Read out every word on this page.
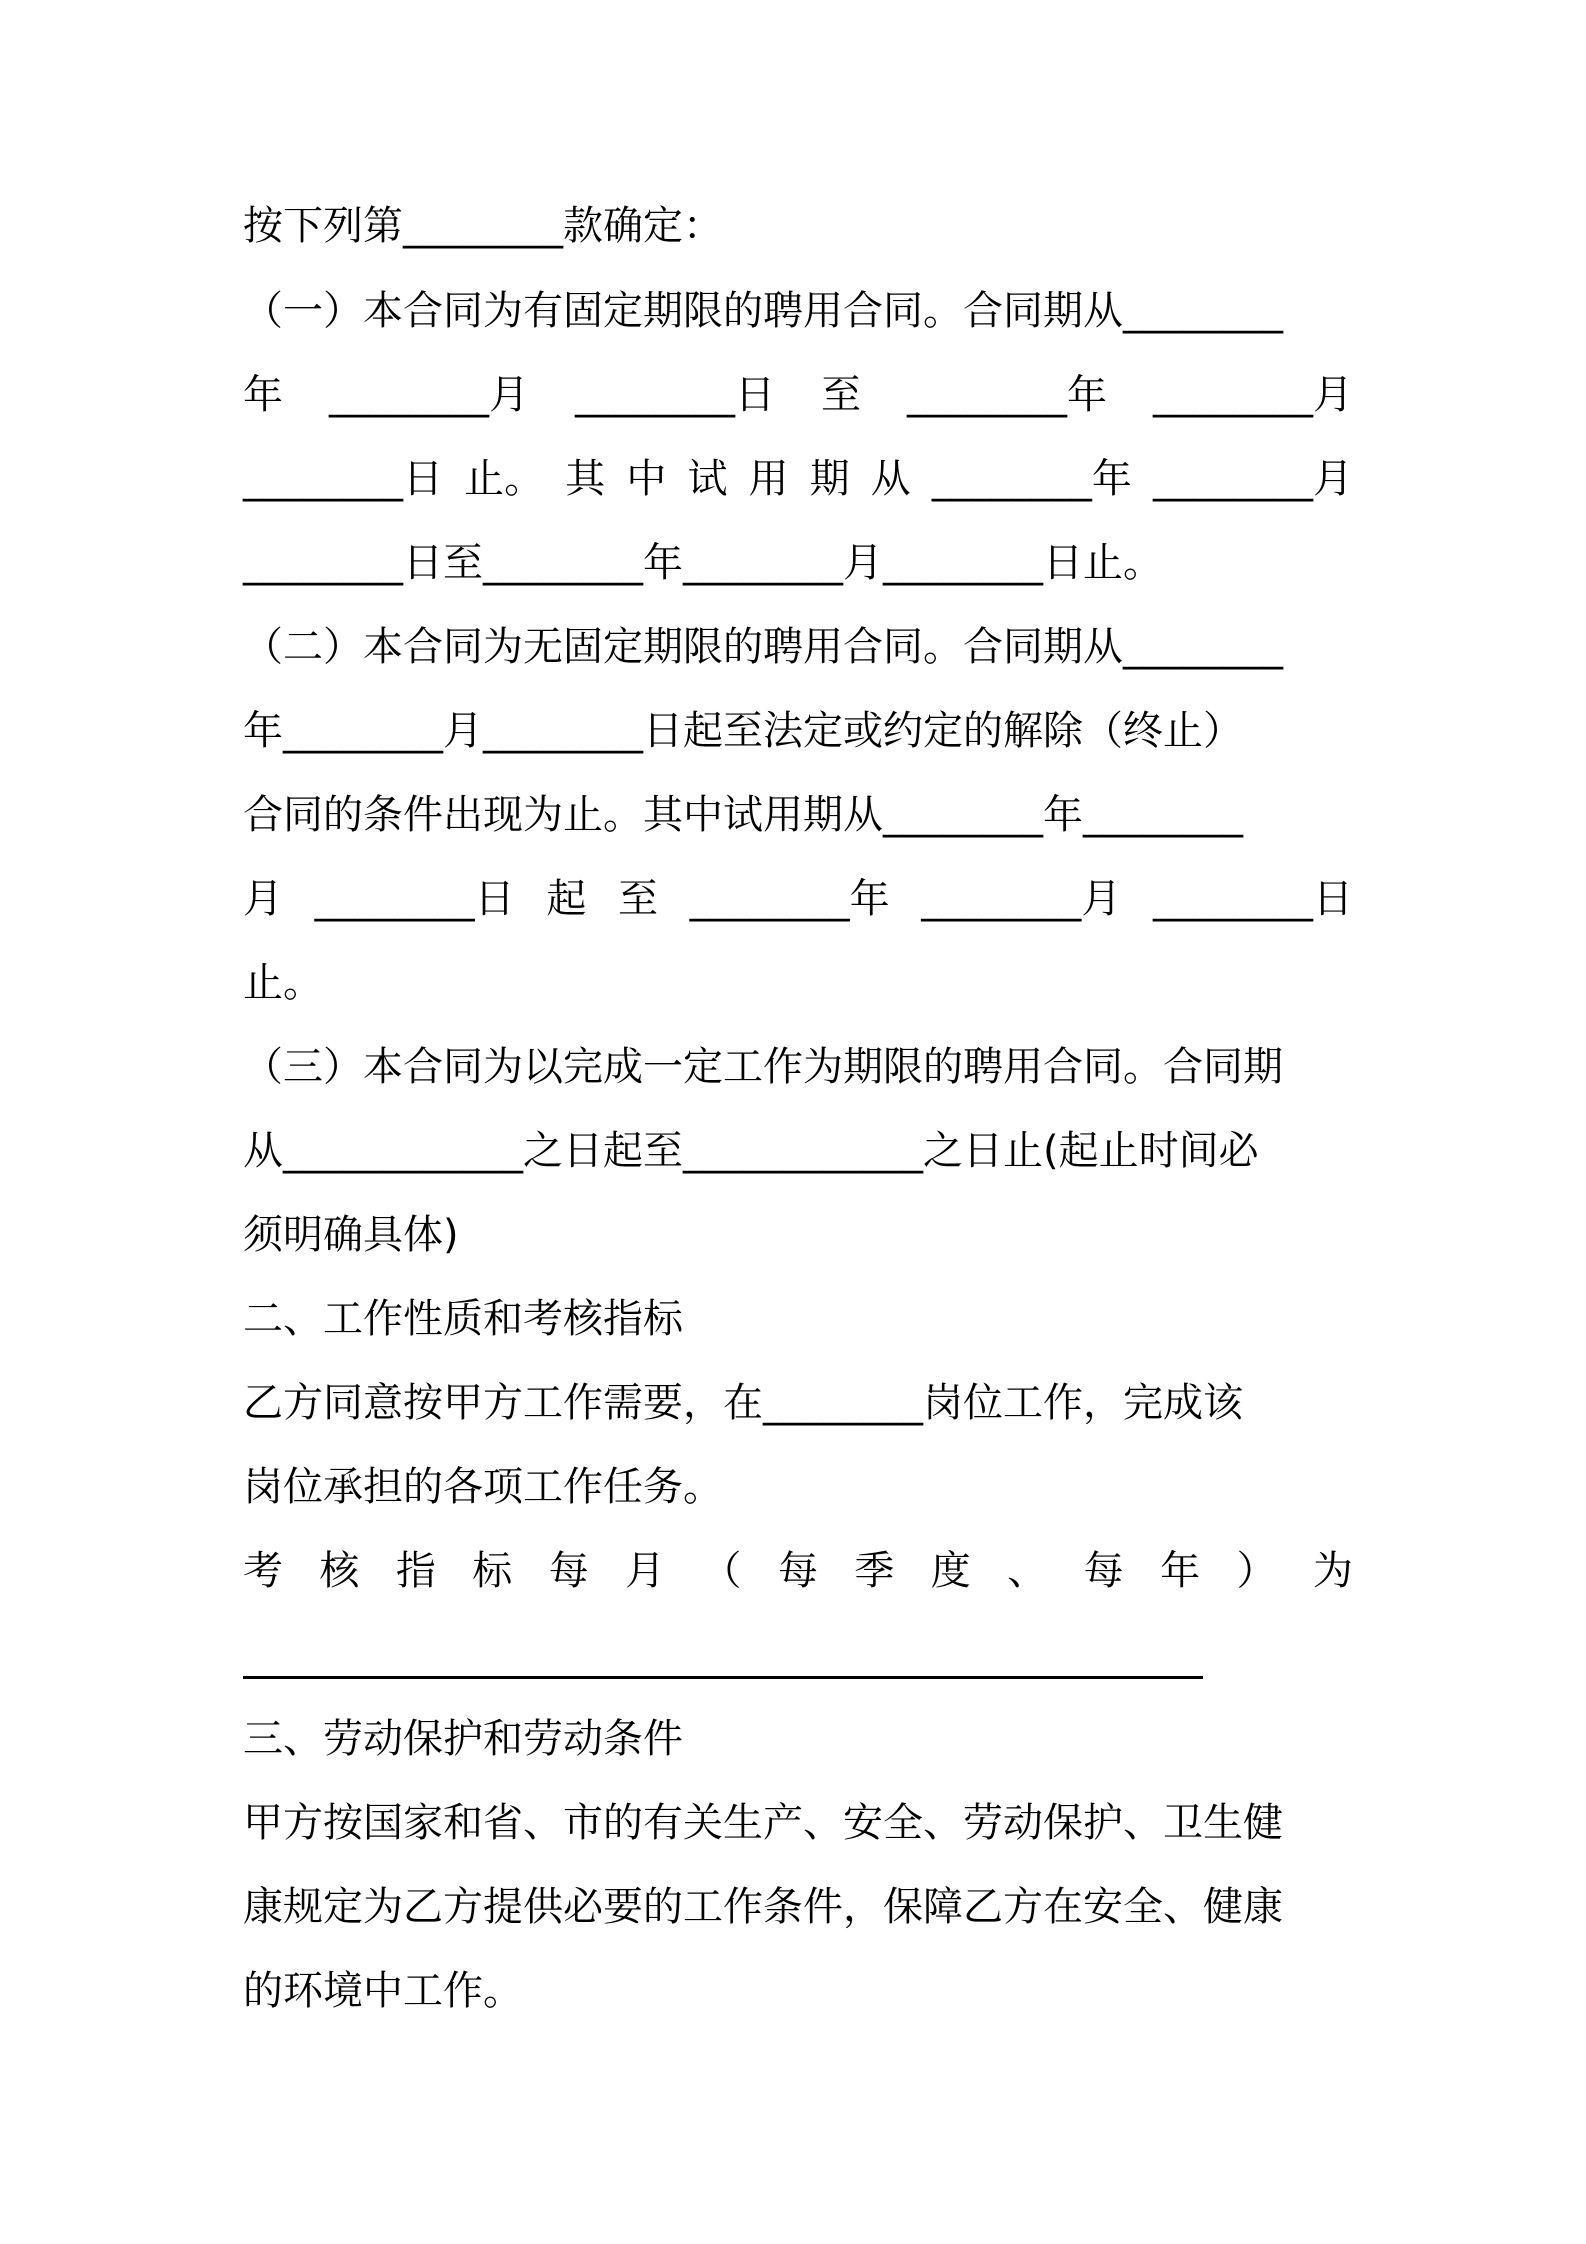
按下列第________款确定：
（一）本合同为有固定期限的聘用合同。合同期从________
年 ________月 ________日 至 ________年 ________月
________日 止。 其 中 试 用 期 从 ________年 ________月
________日至________年________月________日止。
（二）本合同为无固定期限的聘用合同。合同期从________
年________月________日起至法定或约定的解除（终止）
合同的条件出现为止。其中试用期从________年________
月 ________日 起 至 ________年 ________月 ________日
止。
（三）本合同为以完成一定工作为期限的聘用合同。合同期
从____________之日起至____________之日止(起止时间必
须明确具体)
二、工作性质和考核指标
乙方同意按甲方工作需要，在________岗位工作，完成该
岗位承担的各项工作任务。
考 核 指 标 每 月 （ 每 季 度 、 每 年 ） 为
三、劳动保护和劳动条件
甲方按国家和省、市的有关生产、安全、劳动保护、卫生健
康规定为乙方提供必要的工作条件，保障乙方在安全、健康
的环境中工作。
